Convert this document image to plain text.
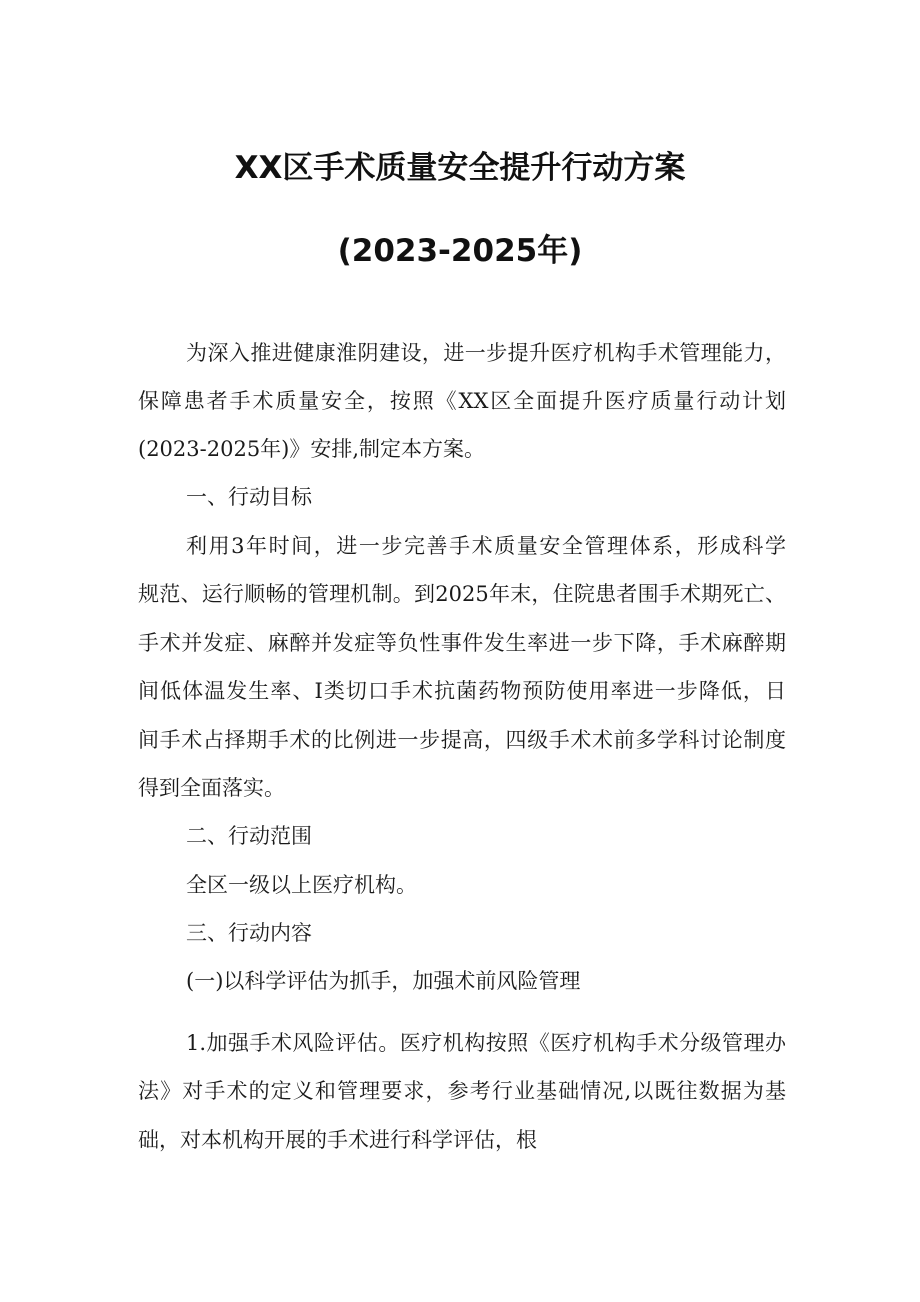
XX区手术质量安全提升行动方案
(2023-2025年)
为深入推进健康淮阴建设，进一步提升医疗机构手术管理能力，
保障患者手术质量安全，按照《XX区全面提升医疗质量行动计划
(2023-2025年)》安排,制定本方案。
一、行动目标
利用3年时间，进一步完善手术质量安全管理体系，形成科学
规范、运行顺畅的管理机制。到2025年末，住院患者围手术期死亡、
手术并发症、麻醉并发症等负性事件发生率进一步下降，手术麻醉期
间低体温发生率、I类切口手术抗菌药物预防使用率进一步降低，日
间手术占择期手术的比例进一步提高，四级手术术前多学科讨论制度
得到全面落实。
二、行动范围
全区一级以上医疗机构。
三、行动内容
(一)以科学评估为抓手，加强术前风险管理
1.加强手术风险评估。医疗机构按照《医疗机构手术分级管理办
法》对手术的定义和管理要求，参考行业基础情况,以既往数据为基
础，对本机构开展的手术进行科学评估，根
